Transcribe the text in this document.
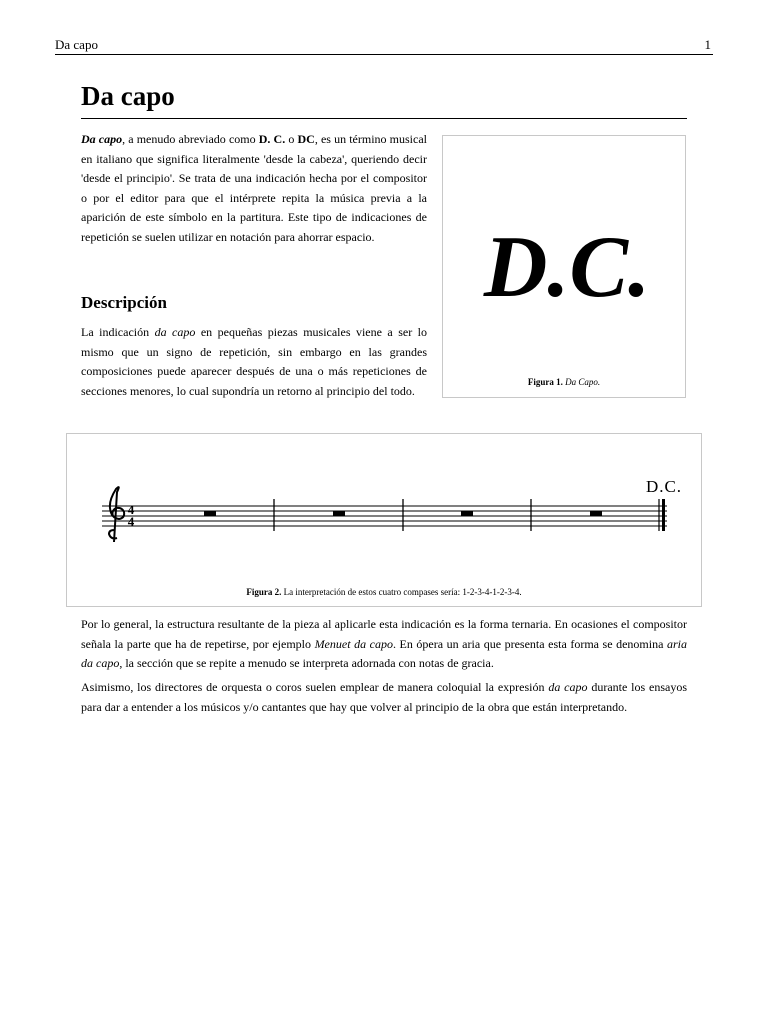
Da capo	1
Da capo

Da capo, a menudo abreviado como D. C. o DC, es un término musical en italiano que significa literalmente 'desde la cabeza', queriendo decir 'desde el principio'. Se trata de una indicación hecha por el compositor o por el editor para que el intérprete repita la música previa a la aparición de este símbolo en la partitura. Este tipo de indicaciones de repetición se suelen utilizar en notación para ahorrar espacio.

Descripción

La indicación da capo en pequeñas piezas musicales viene a ser lo mismo que un signo de repetición, sin embargo en las grandes composiciones puede aparecer después de una o más repeticiones de secciones menores, lo cual supondría un retorno al principio del todo.

D.C.
Figura 1. Da Capo.
4
4
D.C.
Figura 2. La interpretación de estos cuatro compases sería: 1-2-3-4-1-2-3-4.

Por lo general, la estructura resultante de la pieza al aplicarle esta indicación es la forma ternaria. En ocasiones el compositor señala la parte que ha de repetirse, por ejemplo Menuet da capo. En ópera un aria que presenta esta forma se denomina aria da capo, la sección que se repite a menudo se interpreta adornada con notas de gracia.

Asimismo, los directores de orquesta o coros suelen emplear de manera coloquial la expresión da capo durante los ensayos para dar a entender a los músicos y/o cantantes que hay que volver al principio de la obra que están interpretando.
